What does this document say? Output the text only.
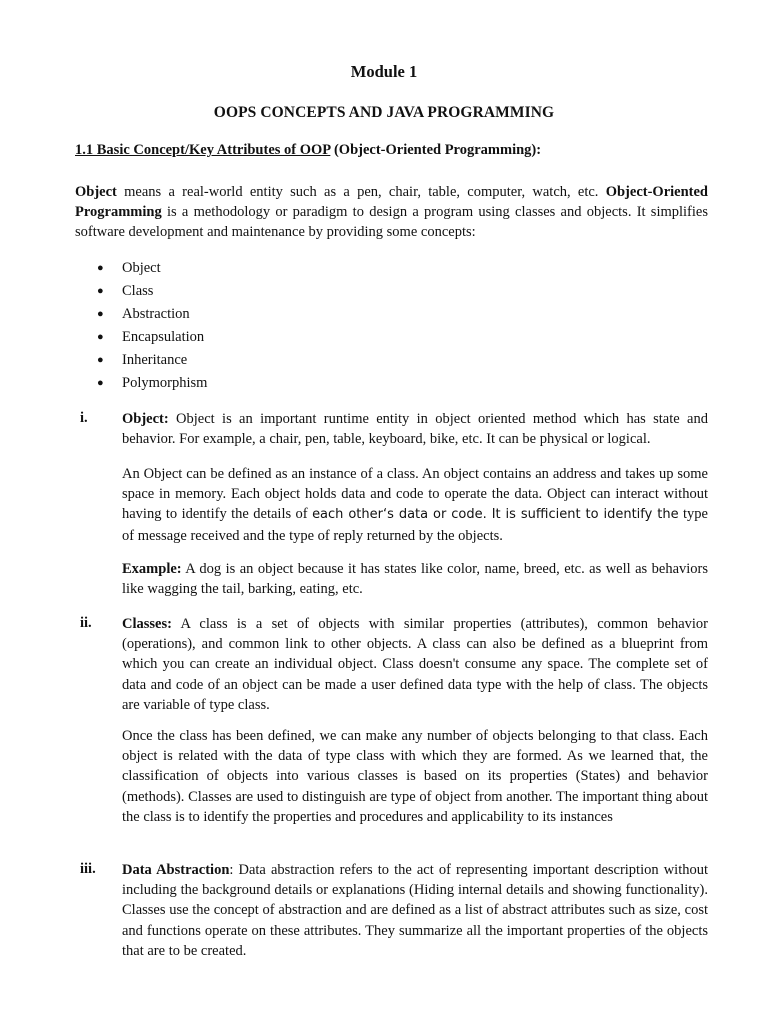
Module 1
OOPS CONCEPTS AND JAVA PROGRAMMING
1.1 Basic Concept/Key Attributes of OOP (Object-Oriented Programming):
Object means a real-world entity such as a pen, chair, table, computer, watch, etc. Object-Oriented Programming is a methodology or paradigm to design a program using classes and objects. It simplifies software development and maintenance by providing some concepts:
● Object
● Class
● Abstraction
● Encapsulation
● Inheritance
● Polymorphism
i.	Object: Object is an important runtime entity in object oriented method which has state and behavior. For example, a chair, pen, table, keyboard, bike, etc. It can be physical or logical.
An Object can be defined as an instance of a class. An object contains an address and takes up some space in memory. Each object holds data and code to operate the data. Object can interact without having to identify the details of each other‘s data or code. It is sufficient to identify the type of message received and the type of reply returned by the objects.
Example: A dog is an object because it has states like color, name, breed, etc. as well as behaviors like wagging the tail, barking, eating, etc.
ii.	Classes: A class is a set of objects with similar properties (attributes), common behavior (operations), and common link to other objects. A class can also be defined as a blueprint from which you can create an individual object. Class doesn't consume any space. The complete set of data and code of an object can be made a user defined data type with the help of class. The objects are variable of type class.
Once the class has been defined, we can make any number of objects belonging to that class. Each object is related with the data of type class with which they are formed. As we learned that, the classification of objects into various classes is based on its properties (States) and behavior (methods). Classes are used to distinguish are type of object from another. The important thing about the class is to identify the properties and procedures and applicability to its instances
iii.	Data Abstraction: Data abstraction refers to the act of representing important description without including the background details or explanations (Hiding internal details and showing functionality). Classes use the concept of abstraction and are defined as a list of abstract attributes such as size, cost and functions operate on these attributes. They summarize all the important properties of the objects that are to be created.
